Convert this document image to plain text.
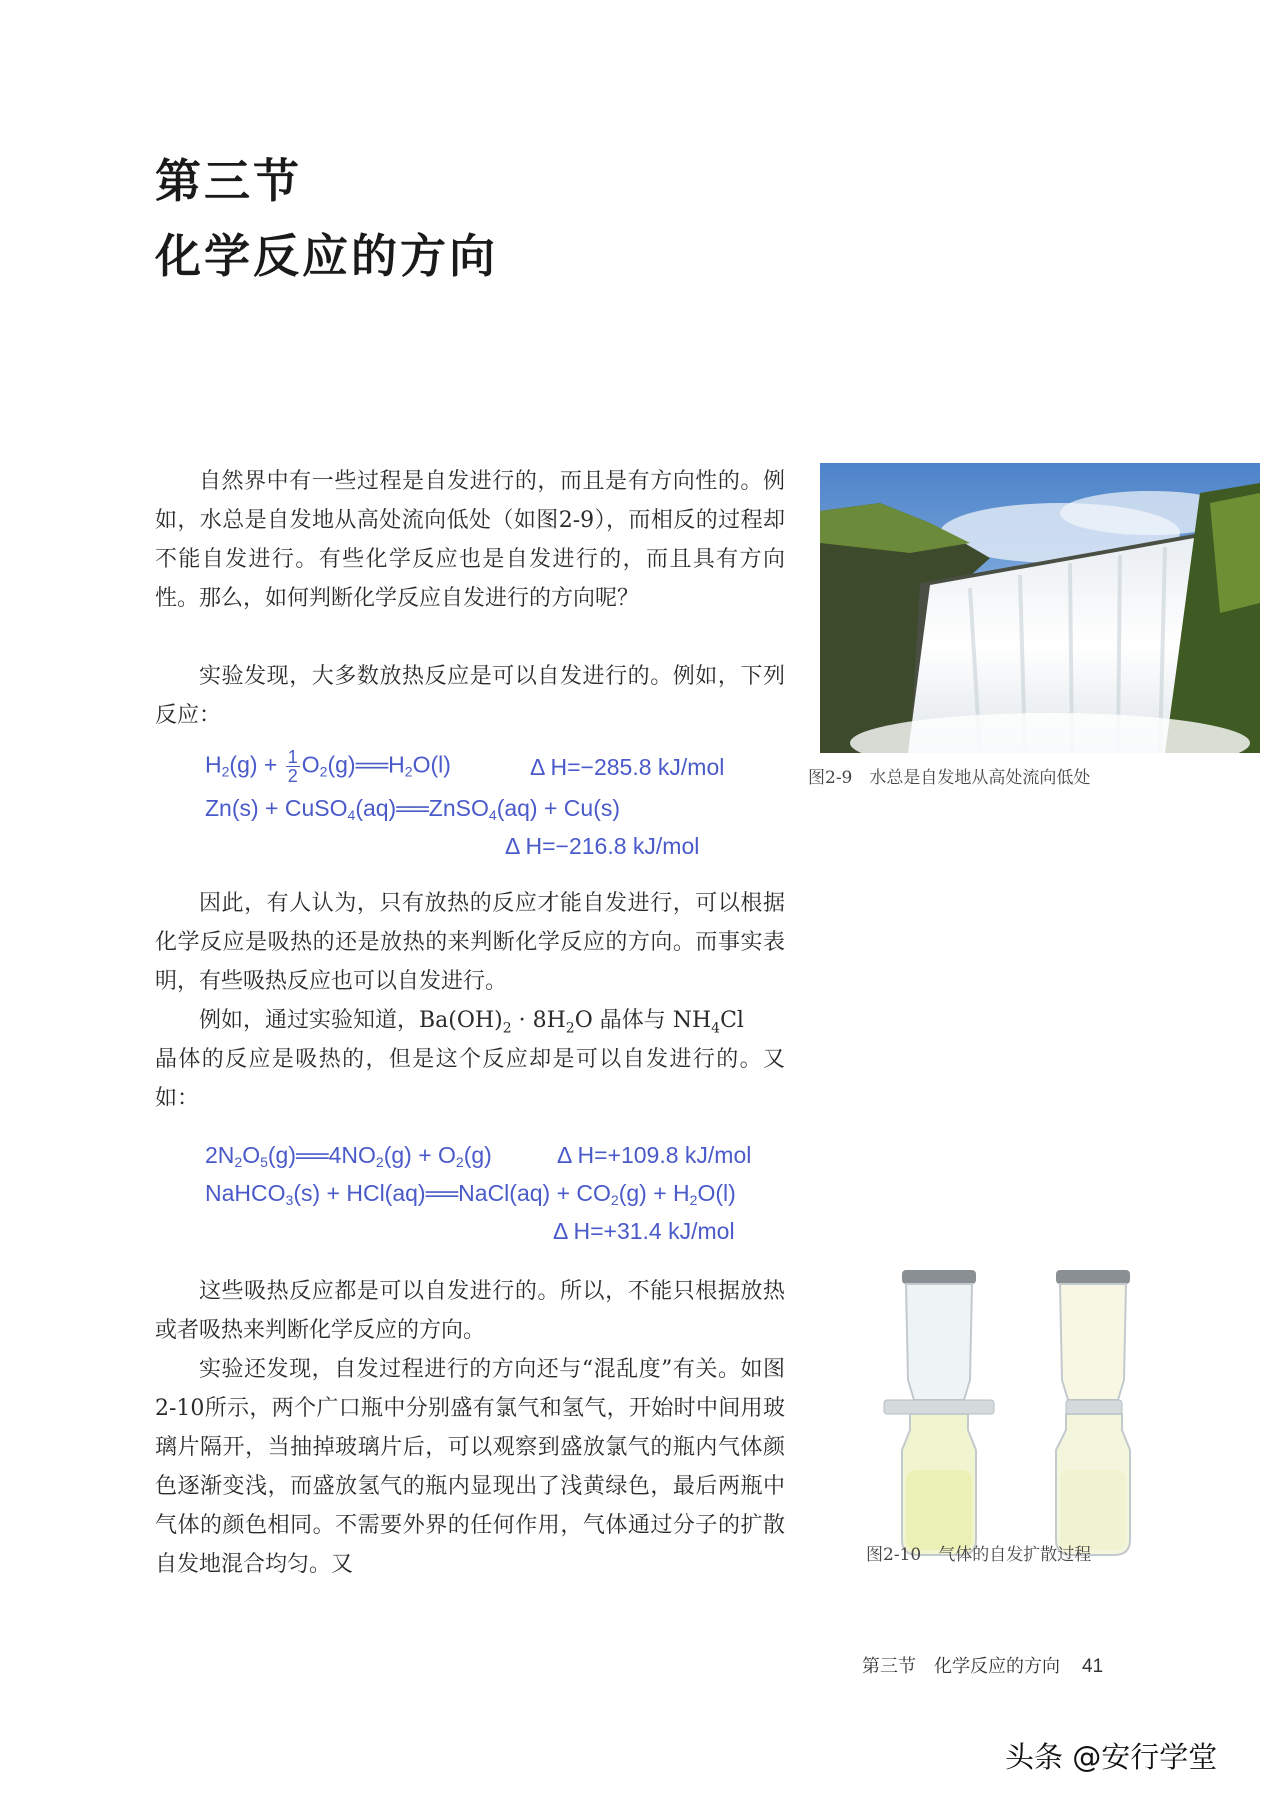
第三节
化学反应的方向

自然界中有一些过程是自发进行的，而且是有方向性的。例如，水总是自发地从高处流向低处（如图2-9），而相反的过程却不能自发进行。有些化学反应也是自发进行的，而且具有方向性。那么，如何判断化学反应自发进行的方向呢？

实验发现，大多数放热反应是可以自发进行的。例如，下列反应：

$H_2(g) + \frac{1}{2}$ $O_2(g)══H_2O(l)$	Δ H=−285.8 kJ/mol
Zn(s) + CuSO$_4$(aq)══ZnSO$_4$(aq) + Cu(s)
Δ H=−216.8 kJ/mol

因此，有人认为，只有放热的反应才能自发进行，可以根据化学反应是吸热的还是放热的来判断化学反应的方向。而事实表明，有些吸热反应也可以自发进行。

例如，通过实验知道，$Ba(OH)_2 \cdot 8H_2O$ 晶体与 $NH_4Cl$

晶体的反应是吸热的，但是这个反应却是可以自发进行的。又如：

$2N_2O_5(g)══4NO_2(g) + O_2(g)$	Δ H=+109.8 kJ/mol
NaHCO$_3$(s) + HCl(aq)══NaCl(aq) + $CO_2(g) + H_2O(l)$
Δ H=+31.4 kJ/mol

这些吸热反应都是可以自发进行的。所以，不能只根据放热或者吸热来判断化学反应的方向。

实验还发现，自发过程进行的方向还与“混乱度”有关。如图2-10所示，两个广口瓶中分别盛有氯气和氢气，开始时中间用玻璃片隔开，当抽掉玻璃片后，可以观察到盛放氯气的瓶内气体颜色逐渐变浅，而盛放氢气的瓶内显现出了浅黄绿色，最后两瓶中气体的颜色相同。不需要外界的任何作用，气体通过分子的扩散自发地混合均匀。又

图2-9　水总是自发地从高处流向低处
图2-10　气体的自发扩散过程
第三节　化学反应的方向 41
头条 @安行学堂
